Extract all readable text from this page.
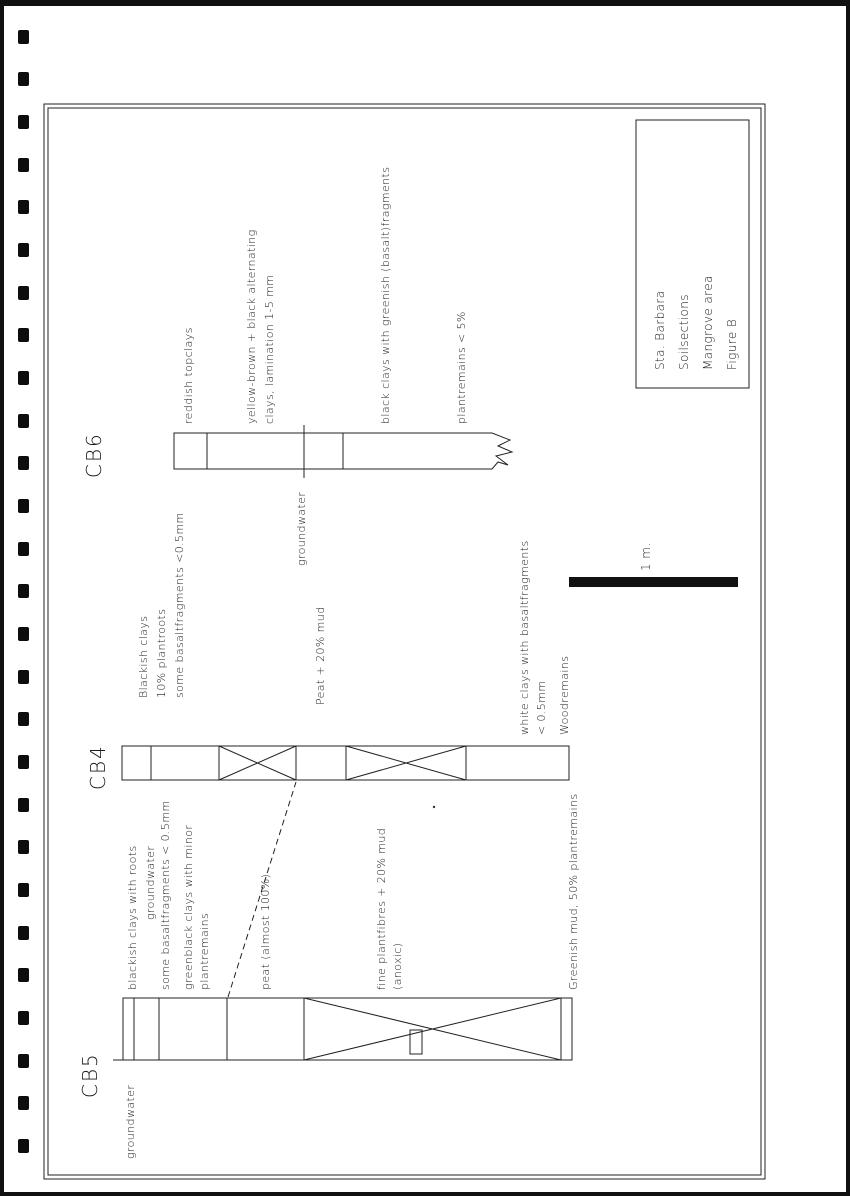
Sta. Barbara Soilsections Mangrove area Figure B
1 m.
CB5
groundwater
blackish clays with roots groundwater some basaltfragments < 0.5mm greenblack clays with minor plantremains	peat (almost 100%)	fine plantfibres + 20% mud (anoxic)	Greenish mud, 50% plantremains
CB4
Blackish clays 10% plantroots some basaltfragments <0.5mm	Peat + 20% mud	white clays with basaltfragments < 0.5mm Woodremains
CB6
groundwater
reddish topclays	yellow-brown + black alternating clays, lamination 1-5 mm	black clays with greenish (basalt)fragments	plantremains < 5%
